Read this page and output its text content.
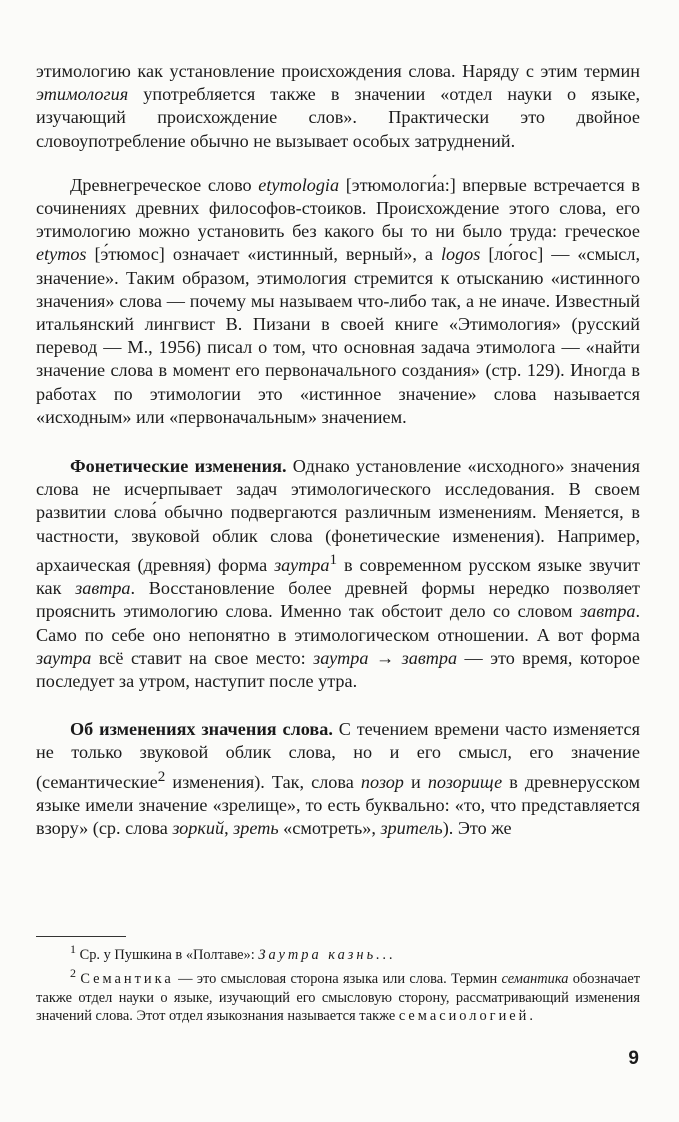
этимологию как установление происхождения слова. Наряду с этим термин этимология употребляется также в значении «отдел науки о языке, изучающий происхождение слов». Практически это двойное словоупотребление обычно не вызывает особых затруднений.

Древнегреческое слово etymologia [этюмологи́а:] впервые встречается в сочинениях древних философов-стоиков. Происхождение этого слова, его этимологию можно установить без какого бы то ни было труда: греческое etymos [э́тюмос] означает «истинный, верный», а logos [ло́гос] — «смысл, значение». Таким образом, этимология стремится к отысканию «истинного значения» слова — почему мы называем что-либо так, а не иначе. Известный итальянский лингвист В. Пизани в своей книге «Этимология» (русский перевод — М., 1956) писал о том, что основная задача этимолога — «найти значение слова в момент его первоначального создания» (стр. 129). Иногда в работах по этимологии это «истинное значение» слова называется «исходным» или «первоначальным» значением.

Фонетические изменения. Однако установление «исходного» значения слова не исчерпывает задач этимологического исследования. В своем развитии слова́ обычно подвергаются различным изменениям. Меняется, в частности, звуковой облик слова (фонетические изменения). Например, архаическая (древняя) форма заутра$^1$ в современном русском языке звучит как завтра. Восстановление более древней формы нередко позволяет прояснить этимологию слова. Именно так обстоит дело со словом завтра. Само по себе оно непонятно в этимологическом отношении. А вот форма заутра всё ставит на свое место: заутра → завтра — это время, которое последует за утром, наступит после утра.

Об изменениях значения слова. С течением времени часто изменяется не только звуковой облик слова, но и его смысл, его значение (семантические$^2$ изменения). Так, слова позор и позорище в древнерусском языке имели значение «зрелище», то есть буквально: «то, что представляется взору» (ср. слова зоркий, зреть «смотреть», зритель). Это же

$^1$ Ср. у Пушкина в «Полтаве»: Заутра казнь...

$^2$ Семантика — это смысловая сторона языка или слова. Термин семантика обозначает также отдел науки о языке, изучающий его смысловую сторону, рассматривающий изменения значений слова. Этот отдел языкознания называется также семасиологией.

9
